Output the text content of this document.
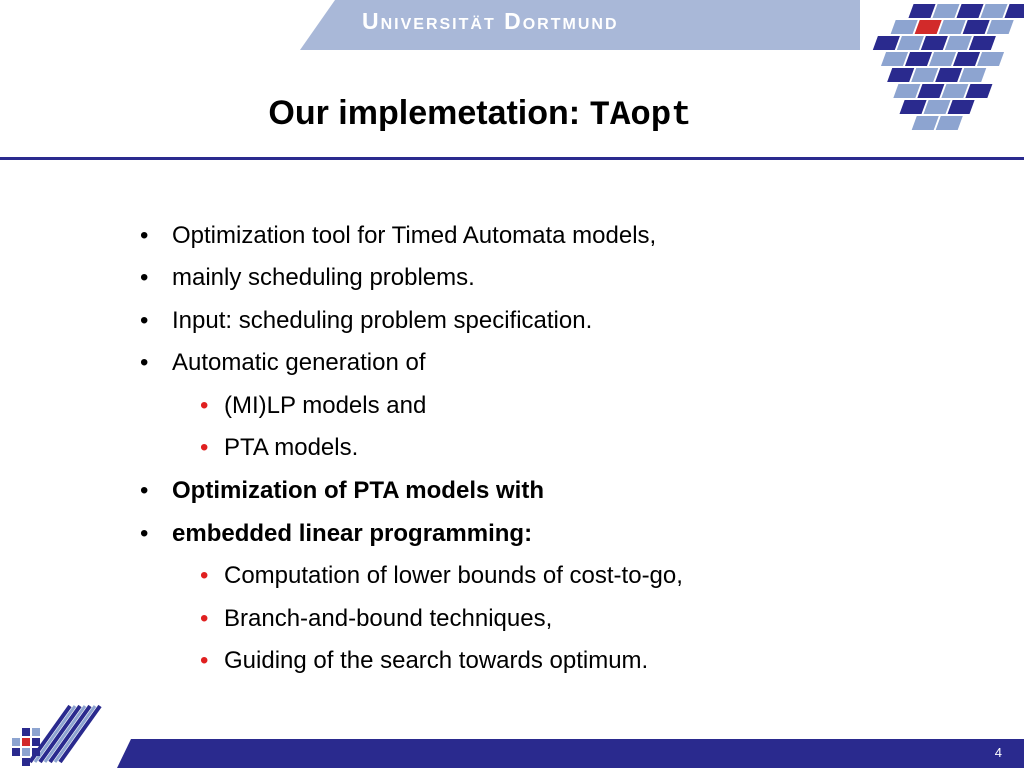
Universität Dortmund
Our implemetation: TAopt
• Optimization tool for Timed Automata models,
• mainly scheduling problems.
• Input: scheduling problem specification.
• Automatic generation of
• (MI)LP models and
• PTA models.
• Optimization of PTA models with
• embedded linear programming:
• Computation of lower bounds of cost-to-go,
• Branch-and-bound techniques,
• Guiding of the search towards optimum.
4
